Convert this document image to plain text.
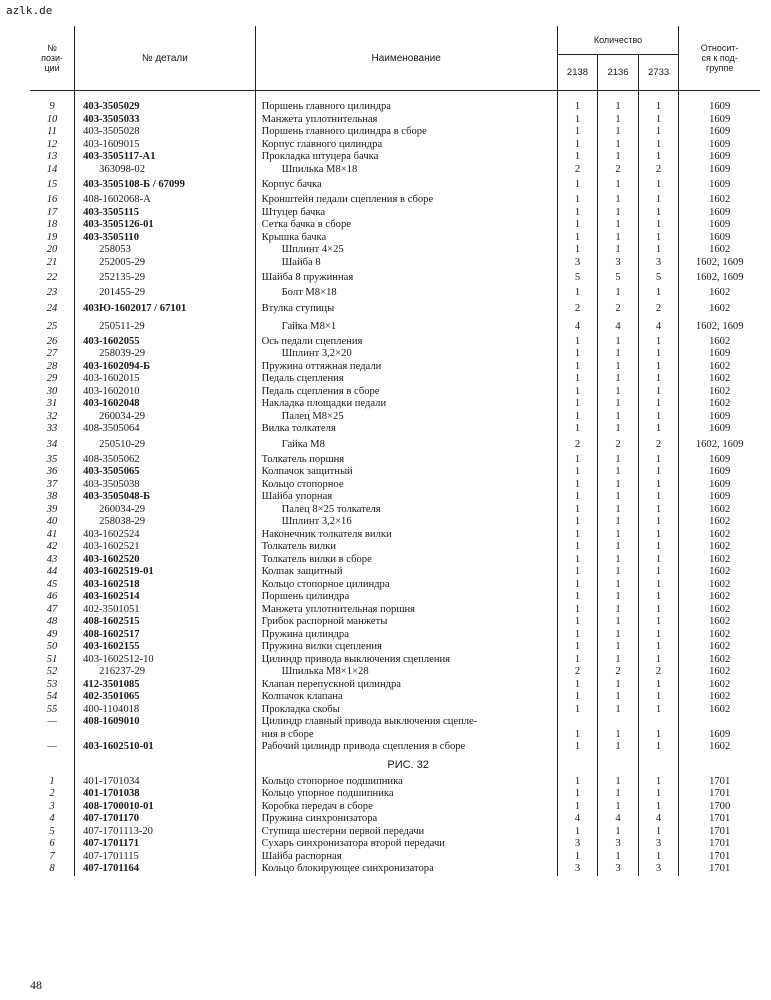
azlk.de
№
пози-
ции	№ детали	Наименование	Количество			Относит-
ся к под-
группе
			2138	2136	2733	

9	403-3505029	Поршень главного цилиндра	1	1	1	1609
10	403-3505033	Манжета уплотнительная	1	1	1	1609
11	403-3505028	Поршень главного цилиндра в сборе	1	1	1	1609
12	403-1609015	Корпус главного цилиндра	1	1	1	1609
13	403-3505117-А1	Прокладка штуцера бачка	1	1	1	1609
14	363098-02	Шпилька М8×18	2	2	2	1609
15	403-3505108-Б / 67099	Корпус бачка	1	1	1	1609
16	408-1602068-А	Кронштейн педали сцепления в сборе	1	1	1	1602
17	403-3505115	Штуцер бачка	1	1	1	1609
18	403-3505126-01	Сетка бачка в сборе	1	1	1	1609
19	403-3505110	Крышка бачка	1	1	1	1609
20	258053	Шплинт 4×25	1	1	1	1602
21	252005-29	Шайба 8	3	3	3	1602, 1609
22	252135-29	Шайба 8 пружинная	5	5	5	1602, 1609
23	201455-29	Болт М8×18	1	1	1	1602
24	403Ю-1602017 / 67101	Втулка ступицы	2	2	2	1602
25	250511-29	Гайка М8×1	4	4	4	1602, 1609
26	403-1602055	Ось педали сцепления	1	1	1	1602
27	258039-29	Шплинт 3,2×20	1	1	1	1609
28	403-1602094-Б	Пружина оттяжная педали	1	1	1	1602
29	403-1602015	Педаль сцепления	1	1	1	1602
30	403-1602010	Педаль сцепления в сборе	1	1	1	1602
31	403-1602048	Накладка площадки педали	1	1	1	1602
32	260034-29	Палец М8×25	1	1	1	1609
33	408-3505064	Вилка толкателя	1	1	1	1609
34	250510-29	Гайка М8	2	2	2	1602, 1609
35	408-3505062	Толкатель поршня	1	1	1	1609
36	403-3505065	Колпачок защитный	1	1	1	1609
37	403-3505038	Кольцо стопорное	1	1	1	1609
38	403-3505048-Б	Шайба упорная	1	1	1	1609
39	260034-29	Палец 8×25 толкателя	1	1	1	1602
40	258038-29	Шплинт 3,2×16	1	1	1	1602
41	403-1602524	Наконечник толкателя вилки	1	1	1	1602
42	403-1602521	Толкатель вилки	1	1	1	1602
43	403-1602520	Толкатель вилки в сборе	1	1	1	1602
44	403-1602519-01	Колпак защитный	1	1	1	1602
45	403-1602518	Кольцо стопорное цилиндра	1	1	1	1602
46	403-1602514	Поршень цилиндра	1	1	1	1602
47	402-3501051	Манжета уплотнительная поршня	1	1	1	1602
48	408-1602515	Грибок распорной манжеты	1	1	1	1602
49	408-1602517	Пружина цилиндра	1	1	1	1602
50	403-1602155	Пружина вилки сцепления	1	1	1	1602
51	403-1602512-10	Цилиндр привода выключения сцепления	1	1	1	1602
52	216237-29	Шпилька М8×1×28	2	2	2	1602
53	412-3501085	Клапан перепускной цилиндра	1	1	1	1602
54	402-3501065	Колпачок клапана	1	1	1	1602
55	400-1104018	Прокладка скобы	1	1	1	1602
—	408-1609010	Цилиндр главный привода выключения сцепле-				
		ния в сборе	1	1	1	1609
—	403-1602510-01	Рабочий цилиндр привода сцепления в сборе	1	1	1	1602
		РИС. 32				
1	401-1701034	Кольцо стопорное подшипника	1	1	1	1701
2	401-1701038	Кольцо упорное подшипника	1	1	1	1701
3	408-1700010-01	Коробка передач в сборе	1	1	1	1700
4	407-1701170	Пружина синхронизатора	4	4	4	1701
5	407-1701113-20	Ступица шестерни первой передачи	1	1	1	1701
6	407-1701171	Сухарь синхронизатора второй передачи	3	3	3	1701
7	407-1701115	Шайба распорная	1	1	1	1701
8	407-1701164	Кольцо блокирующее синхронизатора	3	3	3	1701
48
